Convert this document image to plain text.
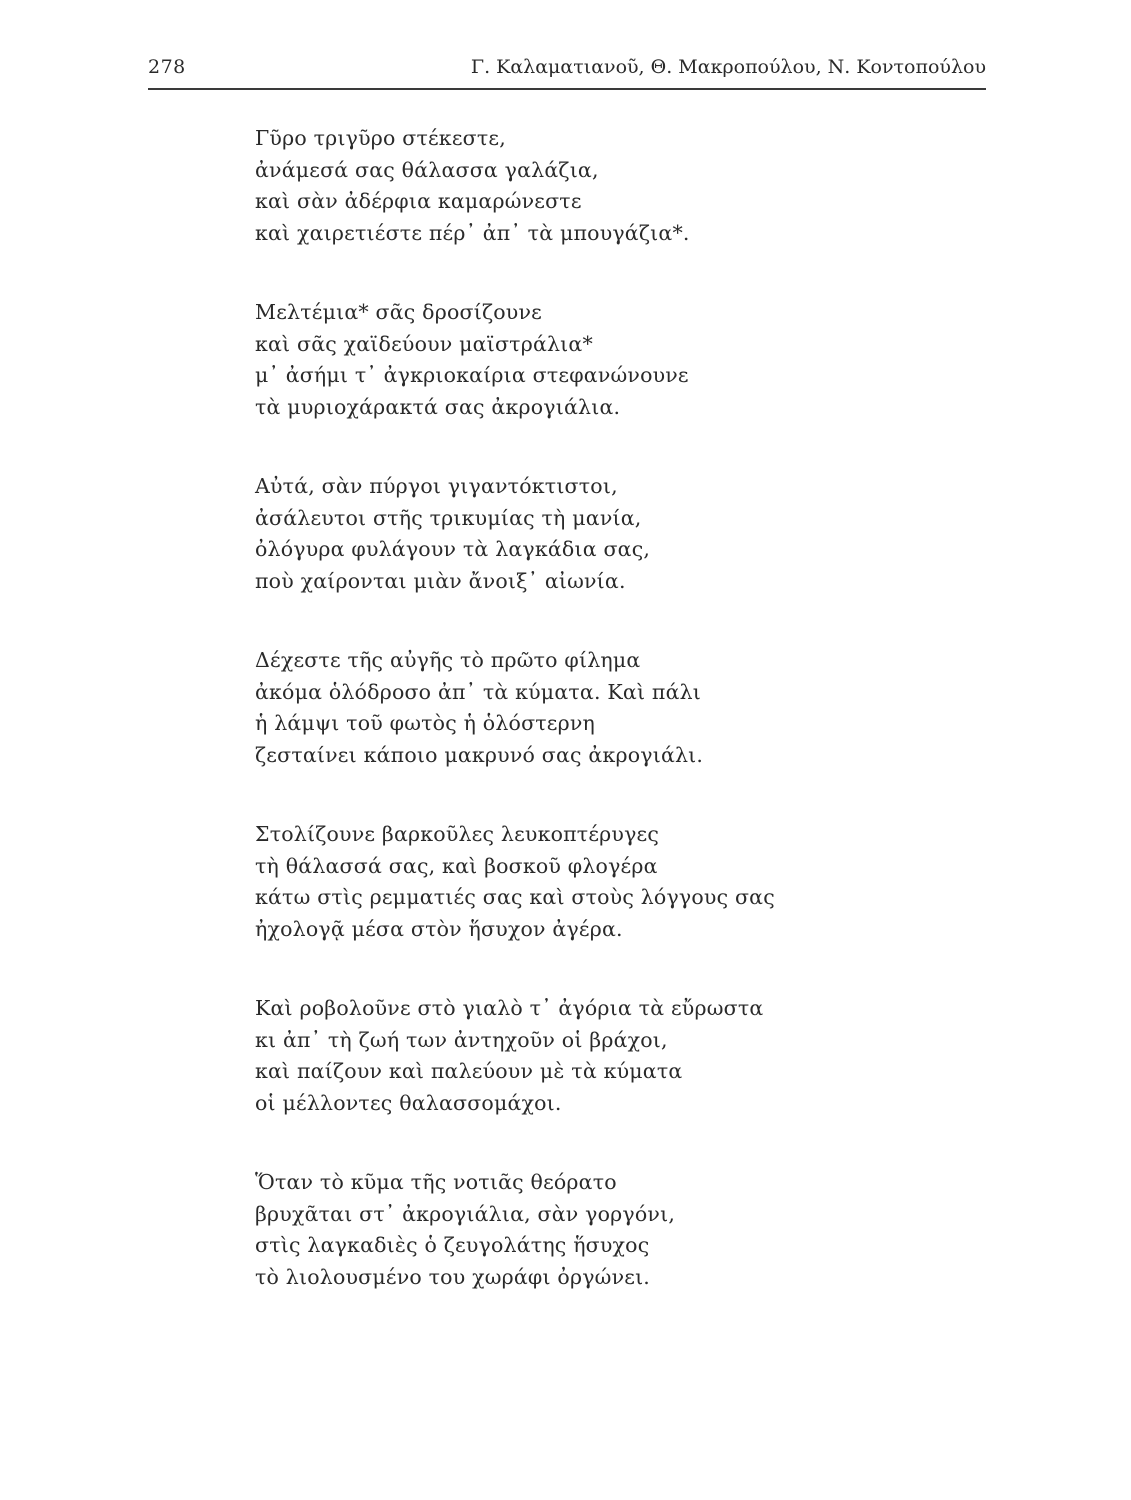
278	Γ. Καλαματιανοῦ, Θ. Μακροπούλου, Ν. Κοντοπούλου
Γῦρο τριγῦρο στέκεστε,
ἀνάμεσά σας θάλασσα γαλάζια,
καὶ σὰν ἀδέρφια καμαρώνεστε
καὶ χαιρετιέστε πέρ᾽ ἀπ᾽ τὰ μπουγάζια*.
Μελτέμια* σᾶς δροσίζουνε
καὶ σᾶς χαϊδεύουν μαϊστράλια*
μ᾽ ἀσήμι τ᾽ ἀγκριοκαίρια στεφανώνουνε
τὰ μυριοχάρακτά σας ἀκρογιάλια.
Αὐτά, σὰν πύργοι γιγαντόκτιστοι,
ἀσάλευτοι στῆς τρικυμίας τὴ μανία,
ὀλόγυρα φυλάγουν τὰ λαγκάδια σας,
ποὺ χαίρονται μιὰν ἄνοιξ᾽ αἰωνία.
Δέχεστε τῆς αὐγῆς τὸ πρῶτο φίλημα
ἀκόμα ὁλόδροσο ἀπ᾽ τὰ κύματα. Καὶ πάλι
ἡ λάμψι τοῦ φωτὸς ἡ ὁλόστερνη
ζεσταίνει κάποιο μακρυνό σας ἀκρογιάλι.
Στολίζουνε βαρκοῦλες λευκοπτέρυγες
τὴ θάλασσά σας, καὶ βοσκοῦ φλογέρα
κάτω στὶς ρεμματιές σας καὶ στοὺς λόγγους σας
ἠχολογᾷ μέσα στὸν ἥσυχον ἀγέρα.
Καὶ ροβολοῦνε στὸ γιαλὸ τ᾽ ἀγόρια τὰ εὔρωστα
κι ἀπ᾽ τὴ ζωή των ἀντηχοῦν οἱ βράχοι,
καὶ παίζουν καὶ παλεύουν μὲ τὰ κύματα
οἱ μέλλοντες θαλασσομάχοι.
Ὅταν τὸ κῦμα τῆς νοτιᾶς θεόρατο
βρυχᾶται στ᾽ ἀκρογιάλια, σὰν γοργόνι,
στὶς λαγκαδιὲς ὁ ζευγολάτης ἥσυχος
τὸ λιολουσμένο του χωράφι ὀργώνει.
